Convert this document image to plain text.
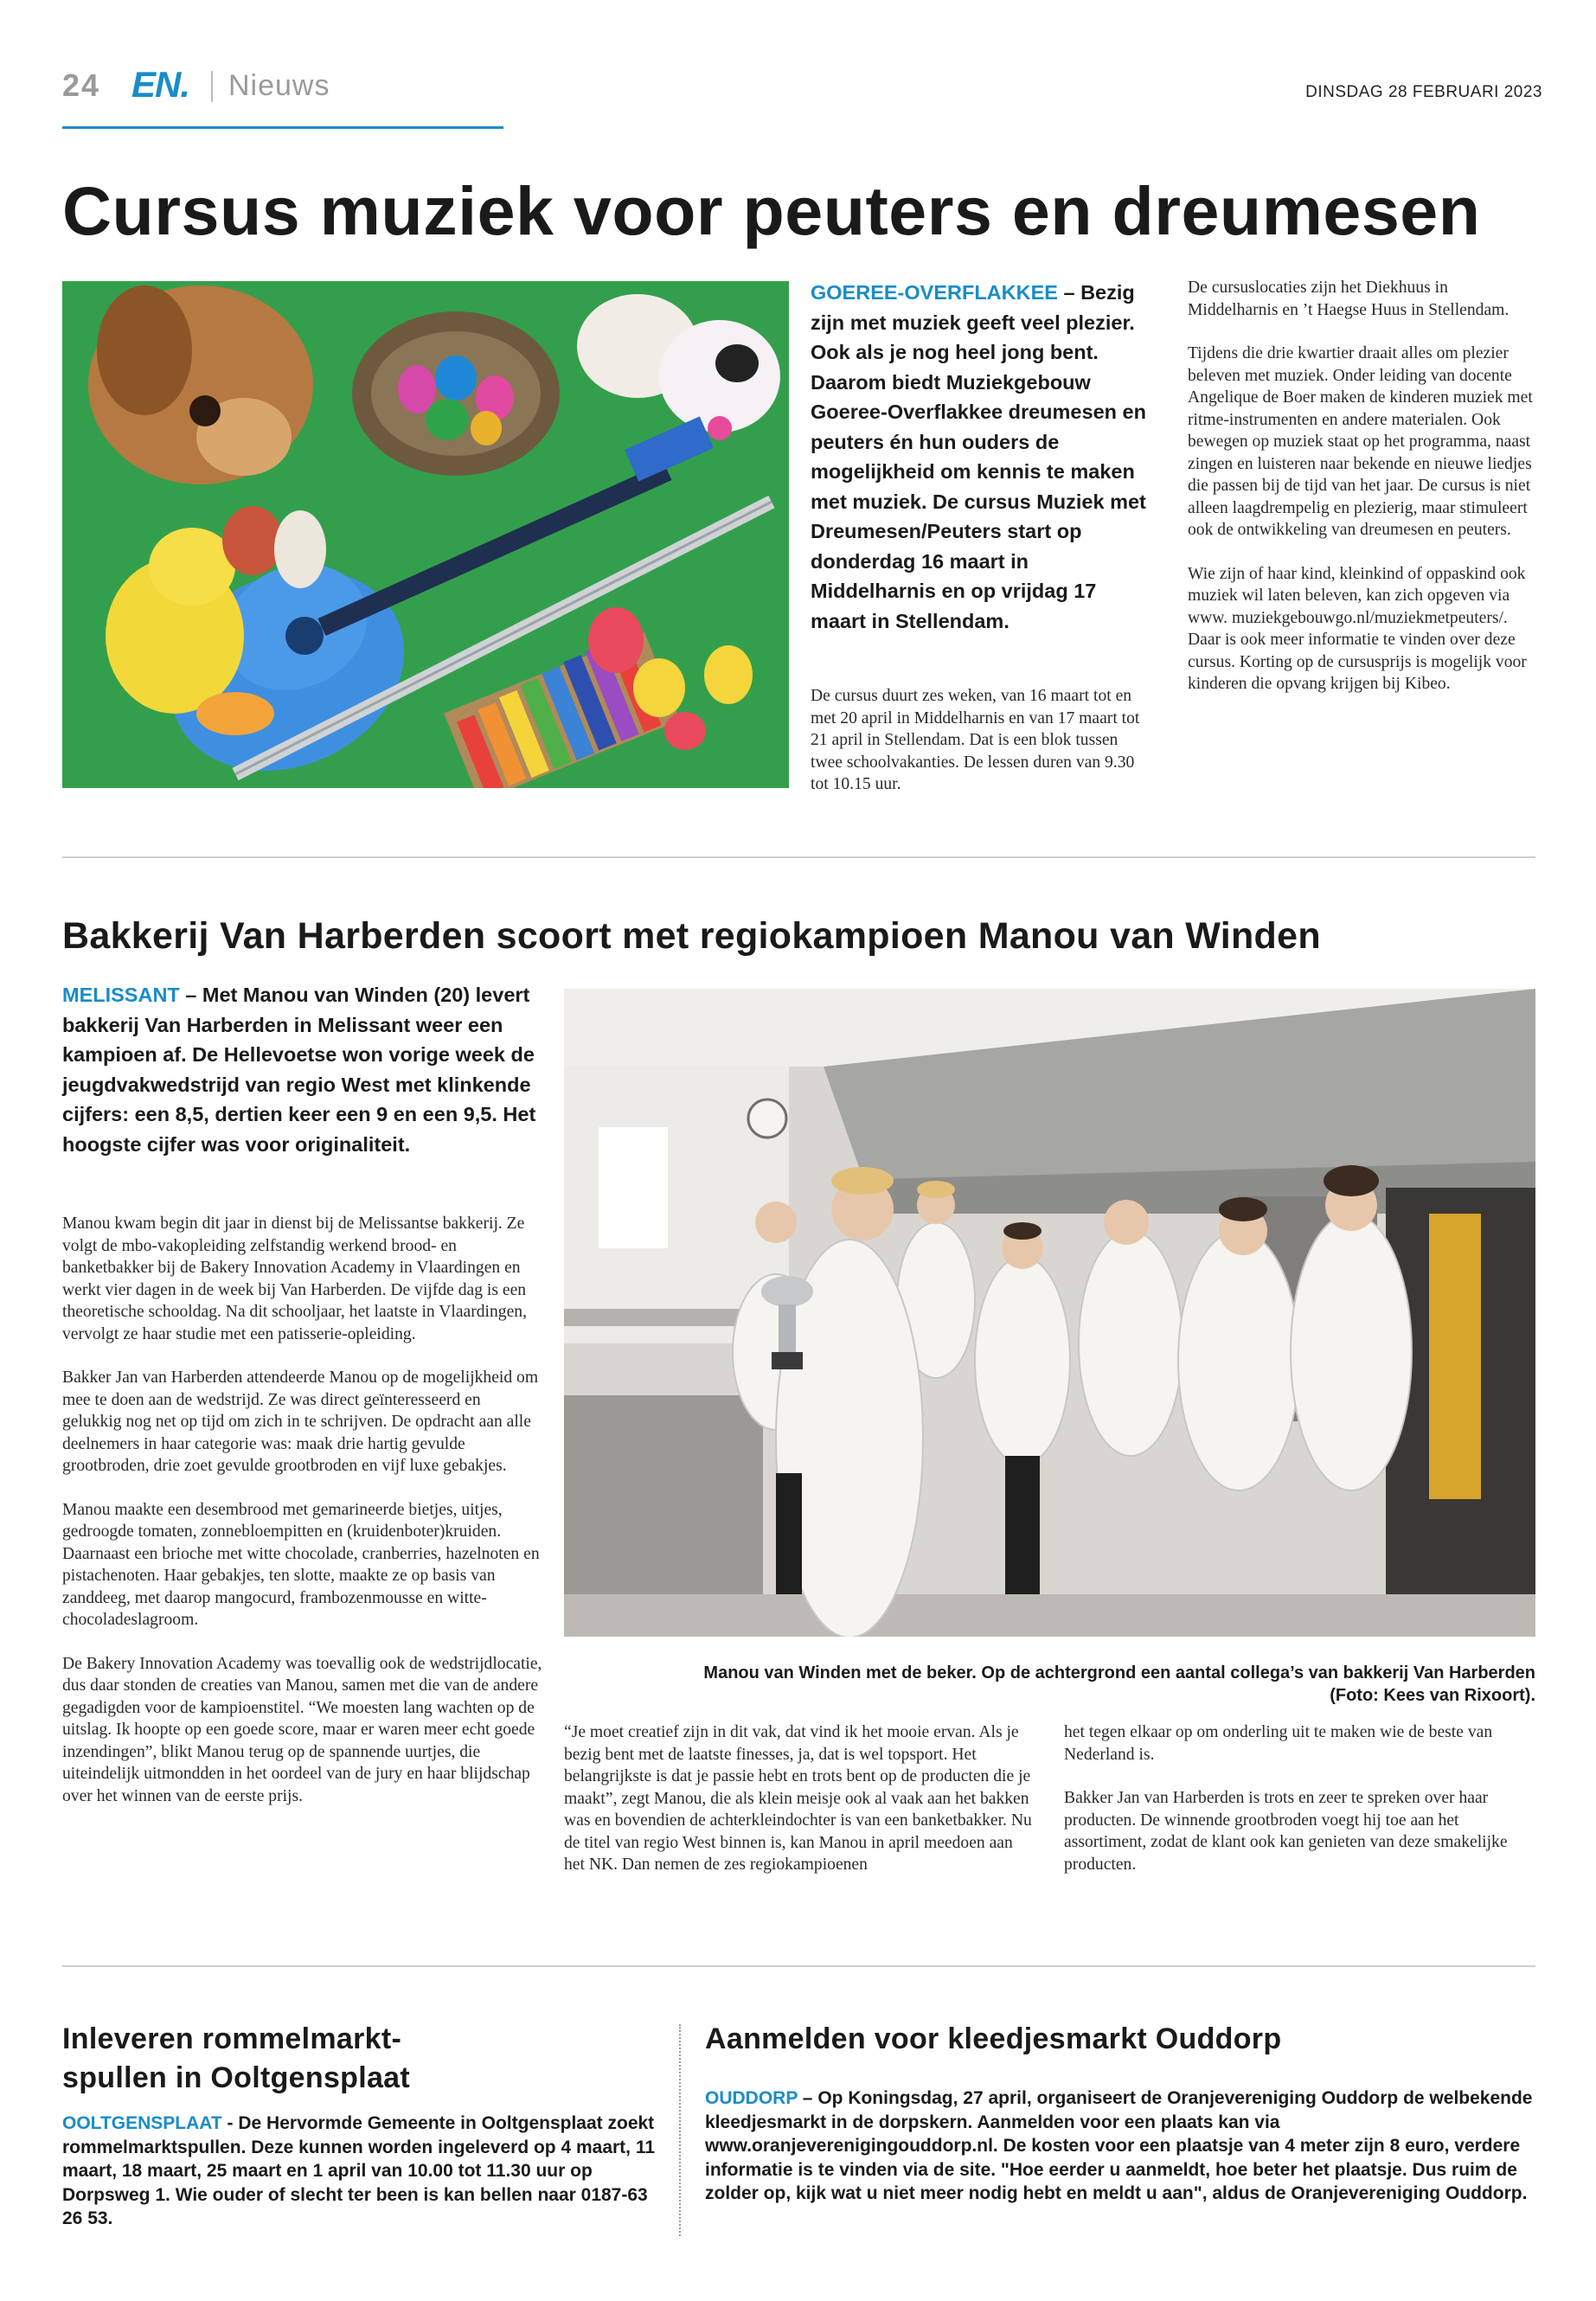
24 EN. Nieuws	DINSDAG 28 FEBRUARI 2023
Cursus muziek voor peuters en dreumesen
GOEREE-OVERFLAKKEE – Bezig zijn met muziek geeft veel plezier. Ook als je nog heel jong bent. Daarom biedt Muziekgebouw Goeree-Overflakkee dreumesen en peuters én hun ouders de mogelijkheid om kennis te maken met muziek. De cursus Muziek met Dreumesen/Peuters start op donderdag 16 maart in Middelharnis en op vrijdag 17 maart in Stellendam.
De cursus duurt zes weken, van 16 maart tot en met 20 april in Middelharnis en van 17 maart tot 21 april in Stellendam. Dat is een blok tussen twee schoolvakanties. De lessen duren van 9.30 tot 10.15 uur.

De cursuslocaties zijn het Diekhuus in Middelharnis en ’t Haegse Huus in Stellendam.

Tijdens die drie kwartier draait alles om plezier beleven met muziek. Onder leiding van docente Angelique de Boer maken de kinderen muziek met ritme-instrumenten en andere materialen. Ook bewegen op muziek staat op het programma, naast zingen en luisteren naar bekende en nieuwe liedjes die passen bij de tijd van het jaar. De cursus is niet alleen laagdrempelig en plezierig, maar stimuleert ook de ontwikkeling van dreumesen en peuters.

Wie zijn of haar kind, kleinkind of oppaskind ook muziek wil laten beleven, kan zich opgeven via www. muziekgebouwgo.nl/muziekmetpeuters/. Daar is ook meer informatie te vinden over deze cursus. Korting op de cursusprijs is mogelijk voor kinderen die opvang krijgen bij Kibeo.

Bakkerij Van Harberden scoort met regiokampioen Manou van Winden
MELISSANT – Met Manou van Winden (20) levert bakkerij Van Harberden in Melissant weer een kampioen af. De Hellevoetse won vorige week de jeugdvakwedstrijd van regio West met klinkende cijfers: een 8,5, dertien keer een 9 en een 9,5. Het hoogste cijfer was voor originaliteit.

Manou kwam begin dit jaar in dienst bij de Melissantse bakkerij. Ze volgt de mbo-vakopleiding zelfstandig werkend brood- en banketbakker bij de Bakery Innovation Academy in Vlaardingen en werkt vier dagen in de week bij Van Harberden. De vijfde dag is een theoretische schooldag. Na dit schooljaar, het laatste in Vlaardingen, vervolgt ze haar studie met een patisserie-opleiding.

Bakker Jan van Harberden attendeerde Manou op de mogelijkheid om mee te doen aan de wedstrijd. Ze was direct geïnteresseerd en gelukkig nog net op tijd om zich in te schrijven. De opdracht aan alle deelnemers in haar categorie was: maak drie hartig gevulde grootbroden, drie zoet gevulde grootbroden en vijf luxe gebakjes.

Manou maakte een desembrood met gemarineerde bietjes, uitjes, gedroogde tomaten, zonnebloempitten en (kruidenboter)kruiden. Daarnaast een brioche met witte chocolade, cranberries, hazelnoten en pistachenoten. Haar gebakjes, ten slotte, maakte ze op basis van zanddeeg, met daarop mangocurd, frambozenmousse en witte-chocoladeslagroom.

De Bakery Innovation Academy was toevallig ook de wedstrijdlocatie, dus daar stonden de creaties van Manou, samen met die van de andere gegadigden voor de kampioenstitel. “We moesten lang wachten op de uitslag. Ik hoopte op een goede score, maar er waren meer echt goede inzendingen”, blikt Manou terug op de spannende uurtjes, die uiteindelijk uitmondden in het oordeel van de jury en haar blijdschap over het winnen van de eerste prijs.

Manou van Winden met de beker. Op de achtergrond een aantal collega’s van bakkerij Van Harberden
(Foto: Kees van Rixoort).
“Je moet creatief zijn in dit vak, dat vind ik het mooie ervan. Als je bezig bent met de laatste finesses, ja, dat is wel topsport. Het belangrijkste is dat je passie hebt en trots bent op de producten die je maakt”, zegt Manou, die als klein meisje ook al vaak aan het bakken was en bovendien de achterkleindochter is van een banketbakker. Nu de titel van regio West binnen is, kan Manou in april meedoen aan het NK. Dan nemen de zes regiokampioenen

het tegen elkaar op om onderling uit te maken wie de beste van Nederland is.

Bakker Jan van Harberden is trots en zeer te spreken over haar producten. De winnende grootbroden voegt hij toe aan het assortiment, zodat de klant ook kan genieten van deze smakelijke producten.

Inleveren rommelmarkt-
spullen in Ooltgensplaat
OOLTGENSPLAAT - De Hervormde Gemeente in Ooltgensplaat zoekt rommelmarktspullen. Deze kunnen worden ingeleverd op 4 maart, 11 maart, 18 maart, 25 maart en 1 april van 10.00 tot 11.30 uur op Dorpsweg 1. Wie ouder of slecht ter been is kan bellen naar 0187-63 26 53.
Aanmelden voor kleedjesmarkt Ouddorp
OUDDORP – Op Koningsdag, 27 april, organiseert de Oranjevereniging Ouddorp de welbekende kleedjesmarkt in de dorpskern. Aanmelden voor een plaats kan via www.oranjeverenigingouddorp.nl. De kosten voor een plaatsje van 4 meter zijn 8 euro, verdere informatie is te vinden via de site. "Hoe eerder u aanmeldt, hoe beter het plaatsje. Dus ruim de zolder op, kijk wat u niet meer nodig hebt en meldt u aan", aldus de Oranjevereniging Ouddorp.
